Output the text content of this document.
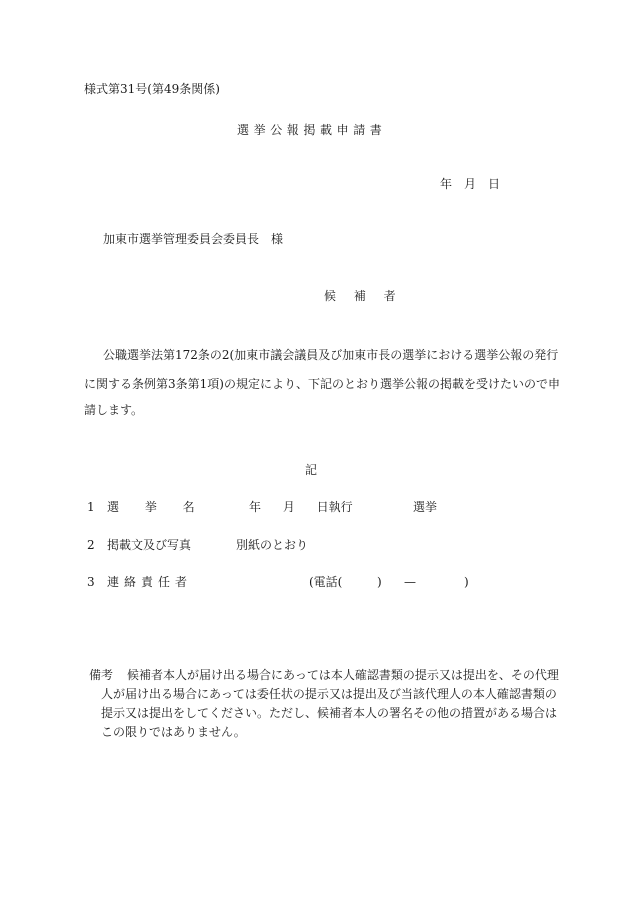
様式第31号(第49条関係)
選挙公報掲載申請書
年　月　日
加東市選挙管理委員会委員長　様
候 補 者
公職選挙法第172条の2(加東市議会議員及び加東市長の選挙における選挙公報の発行
に関する条例第3条第1項)の規定により、下記のとおり選挙公報の掲載を受けたいので申
請します。
記
1 選 挙 名	年 月 日執行	選挙
2 掲載文及び写真	別紙のとおり
3 連絡責任者	(電話(	) —	)
備考 候補者本人が届け出る場合にあっては本人確認書類の提示又は提出を、その代理
人が届け出る場合にあっては委任状の提示又は提出及び当該代理人の本人確認書類の
提示又は提出をしてください。ただし、候補者本人の署名その他の措置がある場合は
この限りではありません。
